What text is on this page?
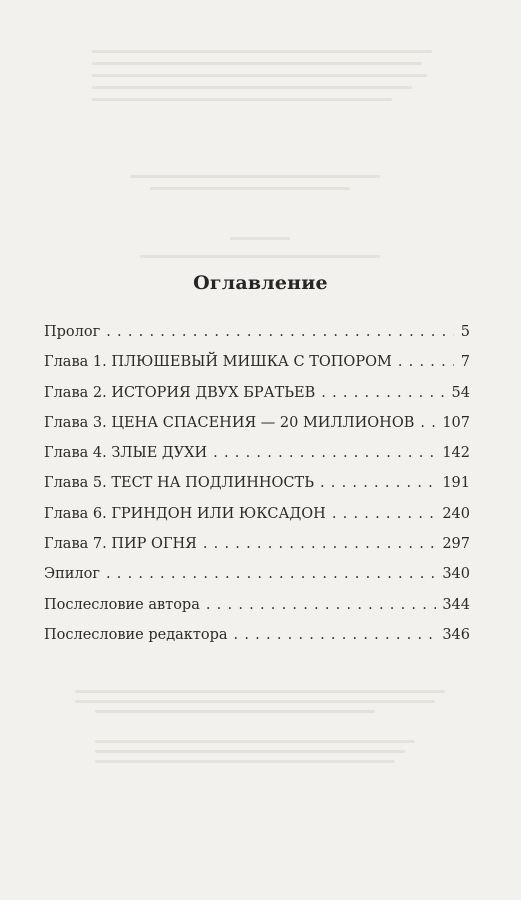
Оглавление
Пролог . . .	5
Глава 1. ПЛЮШЕВЫЙ МИШКА С ТОПОРОМ . . .	7
Глава 2. ИСТОРИЯ ДВУХ БРАТЬЕВ . . .	54
Глава 3. ЦЕНА СПАСЕНИЯ — 20 МИЛЛИОНОВ . . . 107
Глава 4. ЗЛЫЕ ДУХИ . . .	142
Глава 5. ТЕСТ НА ПОДЛИННОСТЬ . . .	191
Глава 6. ГРИНДОН ИЛИ ЮКСАДОН . . .	240
Глава 7. ПИР ОГНЯ . . .	297
Эпилог . . .	340
Послесловие автора . . .	344
Послесловие редактора . . .	346
